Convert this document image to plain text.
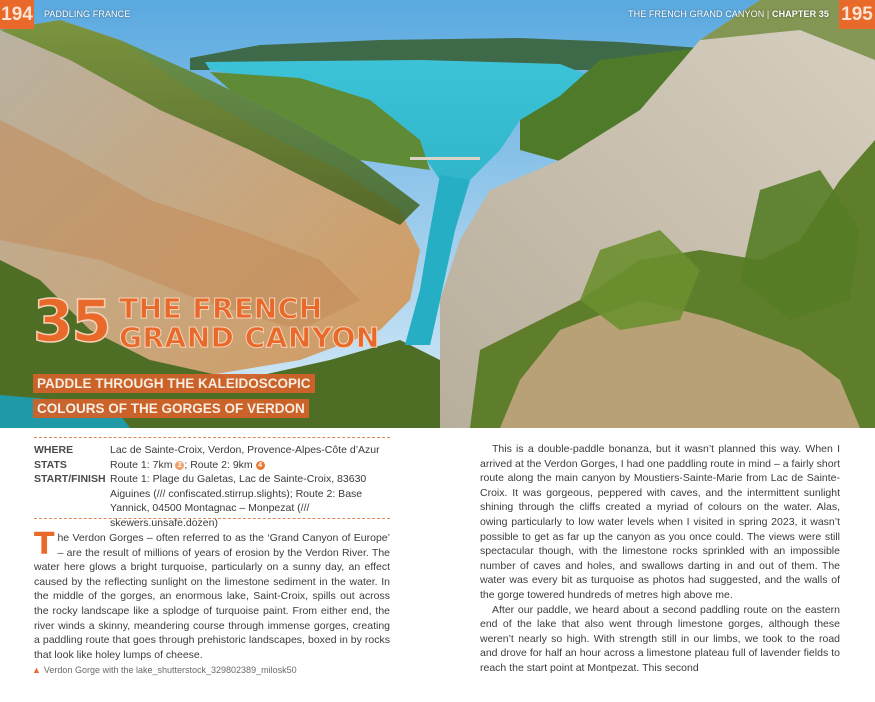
194 PADDLING FRANCE	THE FRENCH GRAND CANYON | CHAPTER 35 195
35 THE FRENCH
GRAND CANYON
PADDLE THROUGH THE KALEIDOSCOPIC
COLOURS OF THE GORGES OF VERDON
WHERE	Lac de Sainte-Croix, Verdon, Provence-Alpes-Côte d’Azur
STATS	Route 1: 7km 2 ; Route 2: 9km 4
START/FINISH Route 1: Plage du Galetas, Lac de Sainte-Croix, 83630 Aiguines (/// confiscated.stirrup.slights); Route 2: Base Yannick, 04500 Montagnac – Monpezat (/// skewers.unsafe.dozen)

The Verdon Gorges – often referred to as the ‘Grand Canyon of Europe’ – are the result of millions of years of erosion by the Verdon River. The water here glows a bright turquoise, particularly on a sunny day, an effect caused by the reflecting sunlight on the limestone sediment in the water. In the middle of the gorges, an enormous lake, Saint-Croix, spills out across the rocky landscape like a splodge of turquoise paint. From either end, the river winds a skinny, meandering course through immense gorges, creating a paddling route that goes through prehistoric landscapes, boxed in by rocks that look like holey lumps of cheese.

This is a double-paddle bonanza, but it wasn’t planned this way. When I arrived at the Verdon Gorges, I had one paddling route in mind – a fairly short route along the main canyon by Moustiers-Sainte-Marie from Lac de Sainte-Croix. It was gorgeous, peppered with caves, and the intermittent sunlight shining through the cliffs created a myriad of colours on the water. Alas, owing particularly to low water levels when I visited in spring 2023, it wasn’t possible to get as far up the canyon as you once could. The views were still spectacular though, with the limestone rocks sprinkled with an impossible number of caves and holes, and swallows darting in and out of them. The water was every bit as turquoise as photos had suggested, and the walls of the gorge towered hundreds of metres high above me.

After our paddle, we heard about a second paddling route on the eastern end of the lake that also went through limestone gorges, although these weren’t nearly so high. With strength still in our limbs, we took to the road and drove for half an hour across a limestone plateau full of lavender fields to reach the start point at Montpezat. This second

▲ Verdon Gorge with the lake_shutterstock_329802389_milosk50
